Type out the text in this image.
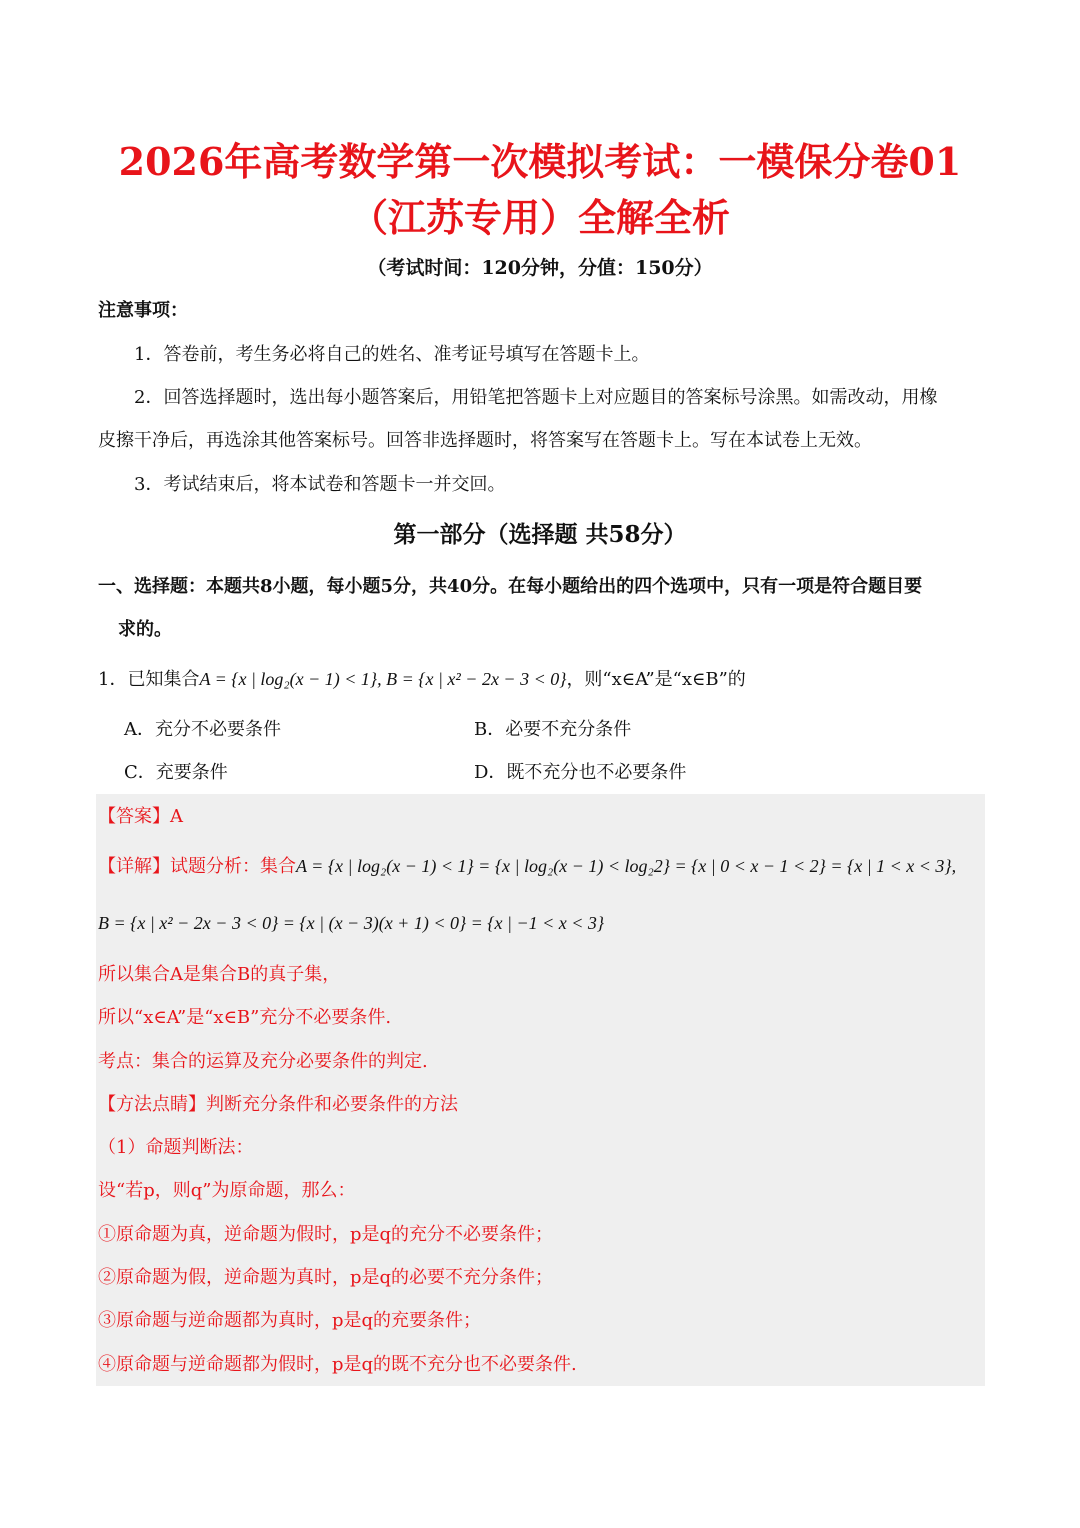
2026年高考数学第一次模拟考试：一模保分卷01
（江苏专用）全解全析
（考试时间：120分钟，分值：150分）
注意事项：
1．答卷前，考生务必将自己的姓名、准考证号填写在答题卡上。
2．回答选择题时，选出每小题答案后，用铅笔把答题卡上对应题目的答案标号涂黑。如需改动，用橡
皮擦干净后，再选涂其他答案标号。回答非选择题时，将答案写在答题卡上。写在本试卷上无效。
3．考试结束后，将本试卷和答题卡一并交回。
第一部分（选择题 共58分）
一、选择题：本题共8小题，每小题5分，共40分。在每小题给出的四个选项中，只有一项是符合题目要
求的。
1．已知集合A = {x | log₂(x − 1) < 1}, B = {x | x² − 2x − 3 < 0}，则“x∈A”是“x∈B”的
A．充分不必要条件	B．必要不充分条件
C．充要条件	D．既不充分也不必要条件
【答案】A
【详解】试题分析：集合A = {x | log₂(x − 1) < 1} = {x | log₂(x − 1) < log₂2} = {x | 0 < x − 1 < 2} = {x | 1 < x < 3},
B = {x | x² − 2x − 3 < 0} = {x | (x − 3)(x + 1) < 0} = {x | −1 < x < 3}
所以集合A是集合B的真子集，
所以“x∈A”是“x∈B”充分不必要条件.
考点：集合的运算及充分必要条件的判定.
【方法点睛】判断充分条件和必要条件的方法
（1）命题判断法：
设“若p，则q”为原命题，那么：
①原命题为真，逆命题为假时，p是q的充分不必要条件；
②原命题为假，逆命题为真时，p是q的必要不充分条件；
③原命题与逆命题都为真时，p是q的充要条件；
④原命题与逆命题都为假时，p是q的既不充分也不必要条件.
